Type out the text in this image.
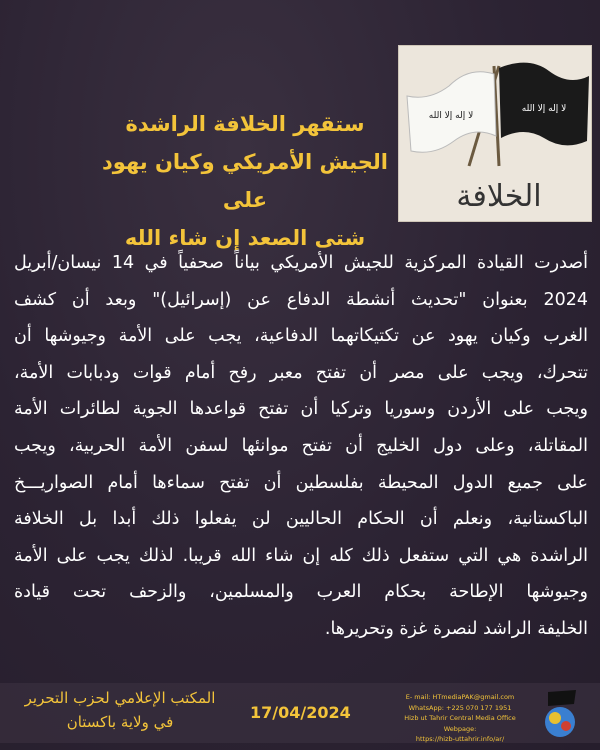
لا إله إلا الله
لا إله إلا الله
الخلافة
ستقهر الخلافة الراشدة
الجيش الأمريكي وكيان يهود على
شتى الصعد إن شاء الله
أصدرت القيادة المركزية للجيش الأمريكي بياناً صحفياً في 14 نيسان/أبريل
2024 بعنوان "تحديث أنشطة الدفاع عن (إسرائيل)" وبعد أن كشف
الغرب وكيان يهود عن تكتيكاتهما الدفاعية، يجب على الأمة وجيوشها أن
تتحرك، ويجب على مصر أن تفتح معبر رفح أمام قوات ودبابات الأمة،
ويجب على الأردن وسوريا وتركيا أن تفتح قواعدها الجوية لطائرات الأمة
المقاتلة، وعلى دول الخليج أن تفتح موانئها لسفن الأمة الحربية، ويجب
على جميع الدول المحيطة بفلسطين أن تفتح سماءها أمام الصواريـــخ
الباكستانية، ونعلم أن الحكام الحاليين لن يفعلوا ذلك أبدا بل الخلافة
الراشدة هي التي ستفعل ذلك كله إن شاء الله قريبا. لذلك يجب على الأمة
وجيوشها الإطاحة بحكام العرب والمسلمين، والزحف تحت قيادة
الخليفة الراشد لنصرة غزة وتحريرها.
المكتب الإعلامي لحزب التحرير
في ولاية باكستان	17/04/2024
E- mail: HTmediaPAK@gmail.com
WhatsApp: +225 070 177 1951
Hizb ut Tahrir Central Media Office Webpage:
https://hizb-uttahrir.info/ar/
